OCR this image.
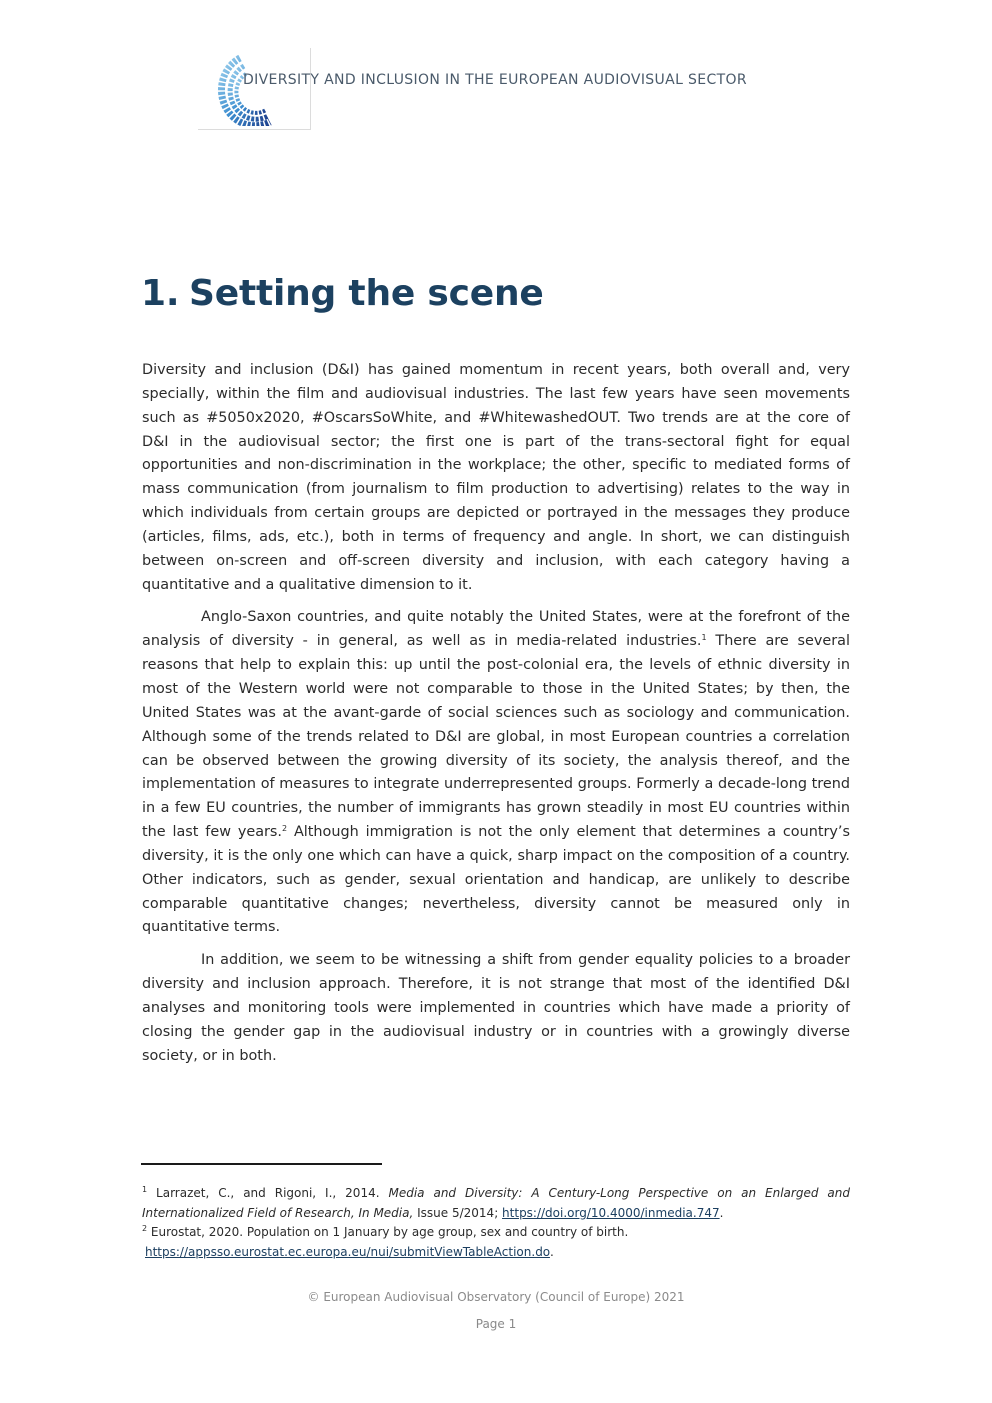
DIVERSITY AND INCLUSION IN THE EUROPEAN AUDIOVISUAL SECTOR
1. Setting the scene

Diversity and inclusion (D&I) has gained momentum in recent years, both overall and, very specially, within the film and audiovisual industries. The last few years have seen movements such as #5050x2020, #OscarsSoWhite, and #WhitewashedOUT. Two trends are at the core of D&I in the audiovisual sector; the first one is part of the trans-sectoral fight for equal opportunities and non-discrimination in the workplace; the other, specific to mediated forms of mass communication (from journalism to film production to advertising) relates to the way in which individuals from certain groups are depicted or portrayed in the messages they produce (articles, films, ads, etc.), both in terms of frequency and angle. In short, we can distinguish between on-screen and off-screen diversity and inclusion, with each category having a quantitative and a qualitative dimension to it.

Anglo-Saxon countries, and quite notably the United States, were at the forefront of the analysis of diversity - in general, as well as in media-related industries.$^1$ There are several reasons that help to explain this: up until the post-colonial era, the levels of ethnic diversity in most of the Western world were not comparable to those in the United States; by then, the United States was at the avant-garde of social sciences such as sociology and communication. Although some of the trends related to D&I are global, in most European countries a correlation can be observed between the growing diversity of its society, the analysis thereof, and the implementation of measures to integrate underrepresented groups. Formerly a decade-long trend in a few EU countries, the number of immigrants has grown steadily in most EU countries within the last few years.$^2$ Although immigration is not the only element that determines a country’s diversity, it is the only one which can have a quick, sharp impact on the composition of a country. Other indicators, such as gender, sexual orientation and handicap, are unlikely to describe comparable quantitative changes; nevertheless, diversity cannot be measured only in quantitative terms.

In addition, we seem to be witnessing a shift from gender equality policies to a broader diversity and inclusion approach. Therefore, it is not strange that most of the identified D&I analyses and monitoring tools were implemented in countries which have made a priority of closing the gender gap in the audiovisual industry or in countries with a growingly diverse society, or in both.

$^1$ Larrazet, C., and Rigoni, I., 2014. Media and Diversity: A Century-Long Perspective on an Enlarged and Internationalized Field of Research, In Media, Issue 5/2014; https://doi.org/10.4000/inmedia.747.

$^2$ Eurostat, 2020. Population on 1 January by age group, sex and country of birth.

https://appsso.eurostat.ec.europa.eu/nui/submitViewTableAction.do.

© European Audiovisual Observatory (Council of Europe) 2021
Page 1
